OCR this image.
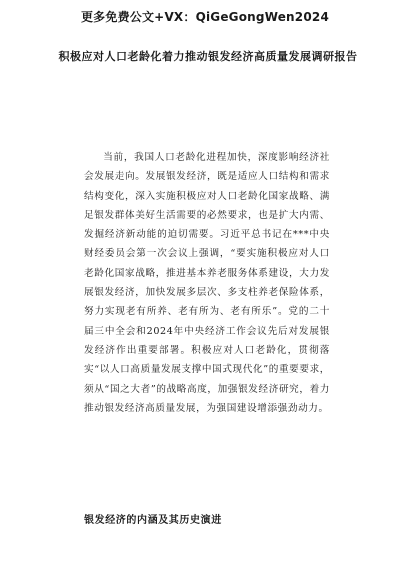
更多免费公文+VX：QiGeGongWen2024
积极应对人口老龄化着力推动银发经济高质量发展调研报告

当前，我国人口老龄化进程加快，深度影响经济社会发展走向。发展银发经济，既是适应人口结构和需求结构变化，深入实施积极应对人口老龄化国家战略、满足银发群体美好生活需要的必然要求，也是扩大内需、发掘经济新动能的迫切需要。习近平总书记在***中央财经委员会第一次会议上强调，“要实施积极应对人口老龄化国家战略，推进基本养老服务体系建设，大力发展银发经济，加快发展多层次、多支柱养老保险体系，努力实现老有所养、老有所为、老有所乐”。党的二十届三中全会和2024年中央经济工作会议先后对发展银发经济作出重要部署。积极应对人口老龄化，贯彻落实“以人口高质量发展支撑中国式现代化”的重要要求，须从“国之大者”的战略高度，加强银发经济研究，着力推动银发经济高质量发展，为强国建设增添强劲动力。

银发经济的内涵及其历史演进
